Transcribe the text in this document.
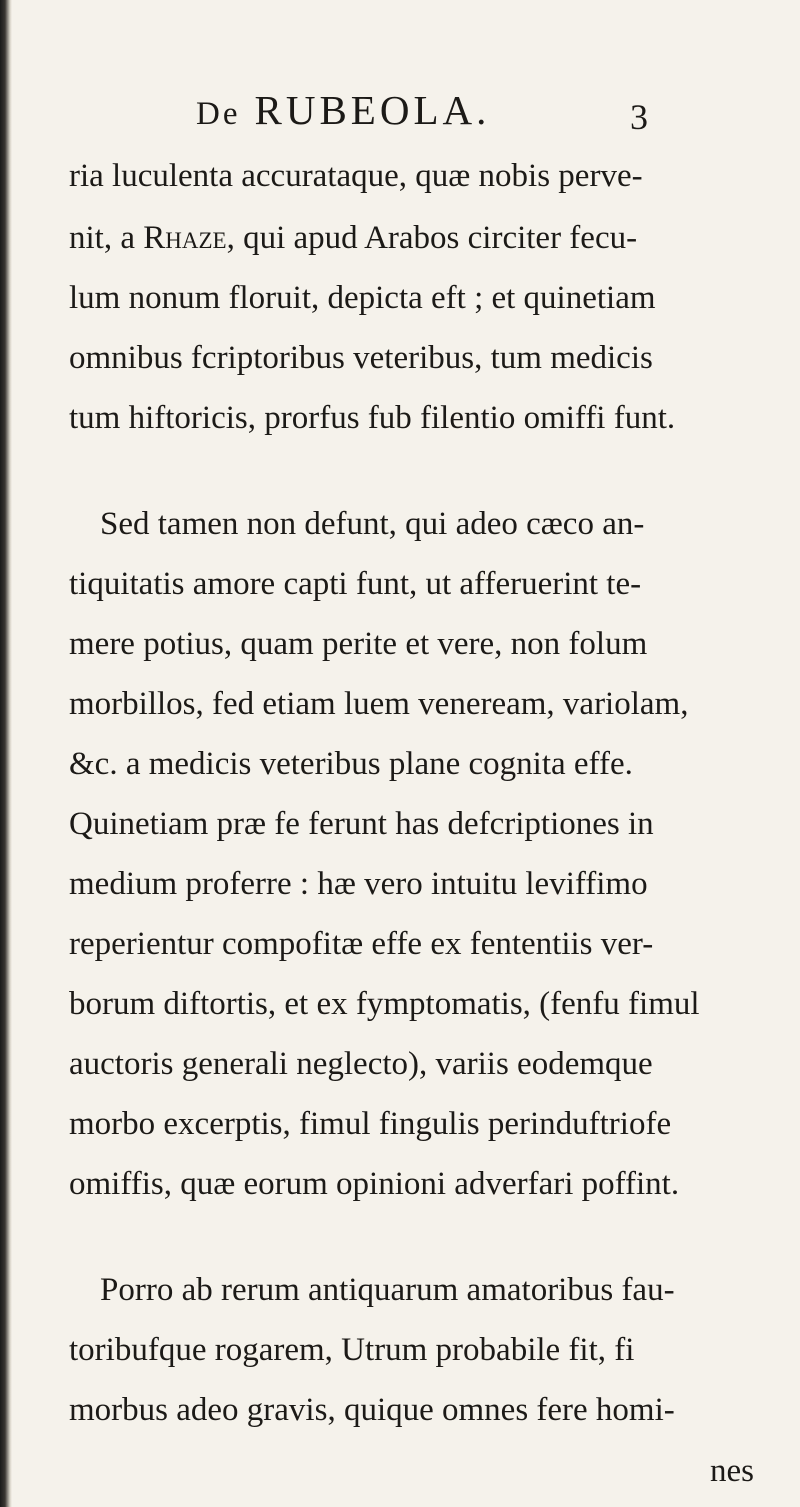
De RUBEOLA.	3
ria luculenta accurataque, quæ nobis perve-
nit, a Rhaze, qui apud Arabos circiter fecu-
lum nonum floruit, depicta eft ; et quinetiam
omnibus fcriptoribus veteribus, tum medicis
tum hiftoricis, prorfus fub filentio omiffi funt.
Sed tamen non defunt, qui adeo cæco an-
tiquitatis amore capti funt, ut afferuerint te-
mere potius, quam perite et vere, non folum
morbillos, fed etiam luem veneream, variolam,
&c. a medicis veteribus plane cognita effe.
Quinetiam præ fe ferunt has defcriptiones in
medium proferre : hæ vero intuitu leviffimo
reperientur compofitæ effe ex fententiis ver-
borum diftortis, et ex fymptomatis, (fenfu fimul
auctoris generali neglecto), variis eodemque
morbo excerptis, fimul fingulis perinduftriofe
omiffis, quæ eorum opinioni adverfari poffint.
Porro ab rerum antiquarum amatoribus fau-
toribufque rogarem, Utrum probabile fit, fi
morbus adeo gravis, quique omnes fere homi-
nes
